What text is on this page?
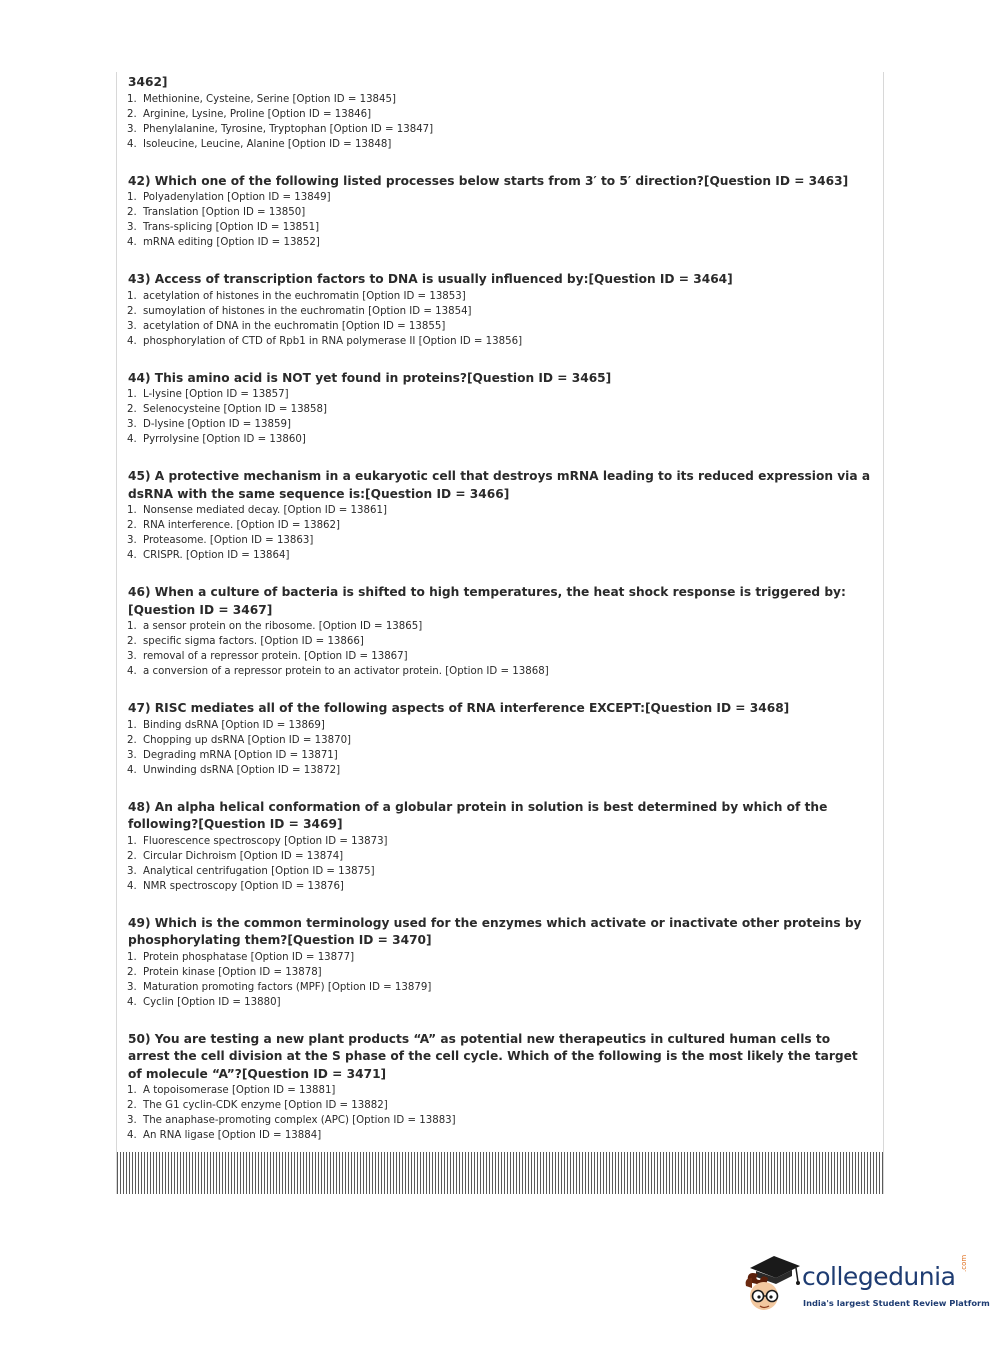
3462]

1. Methionine, Cysteine, Serine [Option ID = 13845]
2. Arginine, Lysine, Proline [Option ID = 13846]
3. Phenylalanine, Tyrosine, Tryptophan [Option ID = 13847]
4. Isoleucine, Leucine, Alanine [Option ID = 13848]

42) Which one of the following listed processes below starts from 3′ to 5′ direction?[Question ID = 3463]

1. Polyadenylation [Option ID = 13849]
2. Translation [Option ID = 13850]
3. Trans-splicing [Option ID = 13851]
4. mRNA editing [Option ID = 13852]

43) Access of transcription factors to DNA is usually influenced by:[Question ID = 3464]

1. acetylation of histones in the euchromatin [Option ID = 13853]
2. sumoylation of histones in the euchromatin [Option ID = 13854]
3. acetylation of DNA in the euchromatin [Option ID = 13855]
4. phosphorylation of CTD of Rpb1 in RNA polymerase II [Option ID = 13856]

44) This amino acid is NOT yet found in proteins?[Question ID = 3465]

1. L-lysine [Option ID = 13857]
2. Selenocysteine [Option ID = 13858]
3. D-lysine [Option ID = 13859]
4. Pyrrolysine [Option ID = 13860]

45) A protective mechanism in a eukaryotic cell that destroys mRNA leading to its reduced expression via a dsRNA with the same sequence is:[Question ID = 3466]

1. Nonsense mediated decay. [Option ID = 13861]
2. RNA interference. [Option ID = 13862]
3. Proteasome. [Option ID = 13863]
4. CRISPR. [Option ID = 13864]

46) When a culture of bacteria is shifted to high temperatures, the heat shock response is triggered by:[Question ID = 3467]

1. a sensor protein on the ribosome. [Option ID = 13865]
2. specific sigma factors. [Option ID = 13866]
3. removal of a repressor protein. [Option ID = 13867]
4. a conversion of a repressor protein to an activator protein. [Option ID = 13868]

47) RISC mediates all of the following aspects of RNA interference EXCEPT:[Question ID = 3468]

1. Binding dsRNA [Option ID = 13869]
2. Chopping up dsRNA [Option ID = 13870]
3. Degrading mRNA [Option ID = 13871]
4. Unwinding dsRNA [Option ID = 13872]

48) An alpha helical conformation of a globular protein in solution is best determined by which of the following?[Question ID = 3469]

1. Fluorescence spectroscopy [Option ID = 13873]
2. Circular Dichroism [Option ID = 13874]
3. Analytical centrifugation [Option ID = 13875]
4. NMR spectroscopy [Option ID = 13876]

49) Which is the common terminology used for the enzymes which activate or inactivate other proteins by phosphorylating them?[Question ID = 3470]

1. Protein phosphatase [Option ID = 13877]
2. Protein kinase [Option ID = 13878]
3. Maturation promoting factors (MPF) [Option ID = 13879]
4. Cyclin [Option ID = 13880]

50) You are testing a new plant products “A” as potential new therapeutics in cultured human cells to arrest the cell division at the S phase of the cell cycle. Which of the following is the most likely the target of molecule “A”?[Question ID = 3471]

1. A topoisomerase [Option ID = 13881]
2. The G1 cyclin-CDK enzyme [Option ID = 13882]
3. The anaphase-promoting complex (APC) [Option ID = 13883]
4. An RNA ligase [Option ID = 13884]
collegedunia .com
India's largest Student Review Platform
